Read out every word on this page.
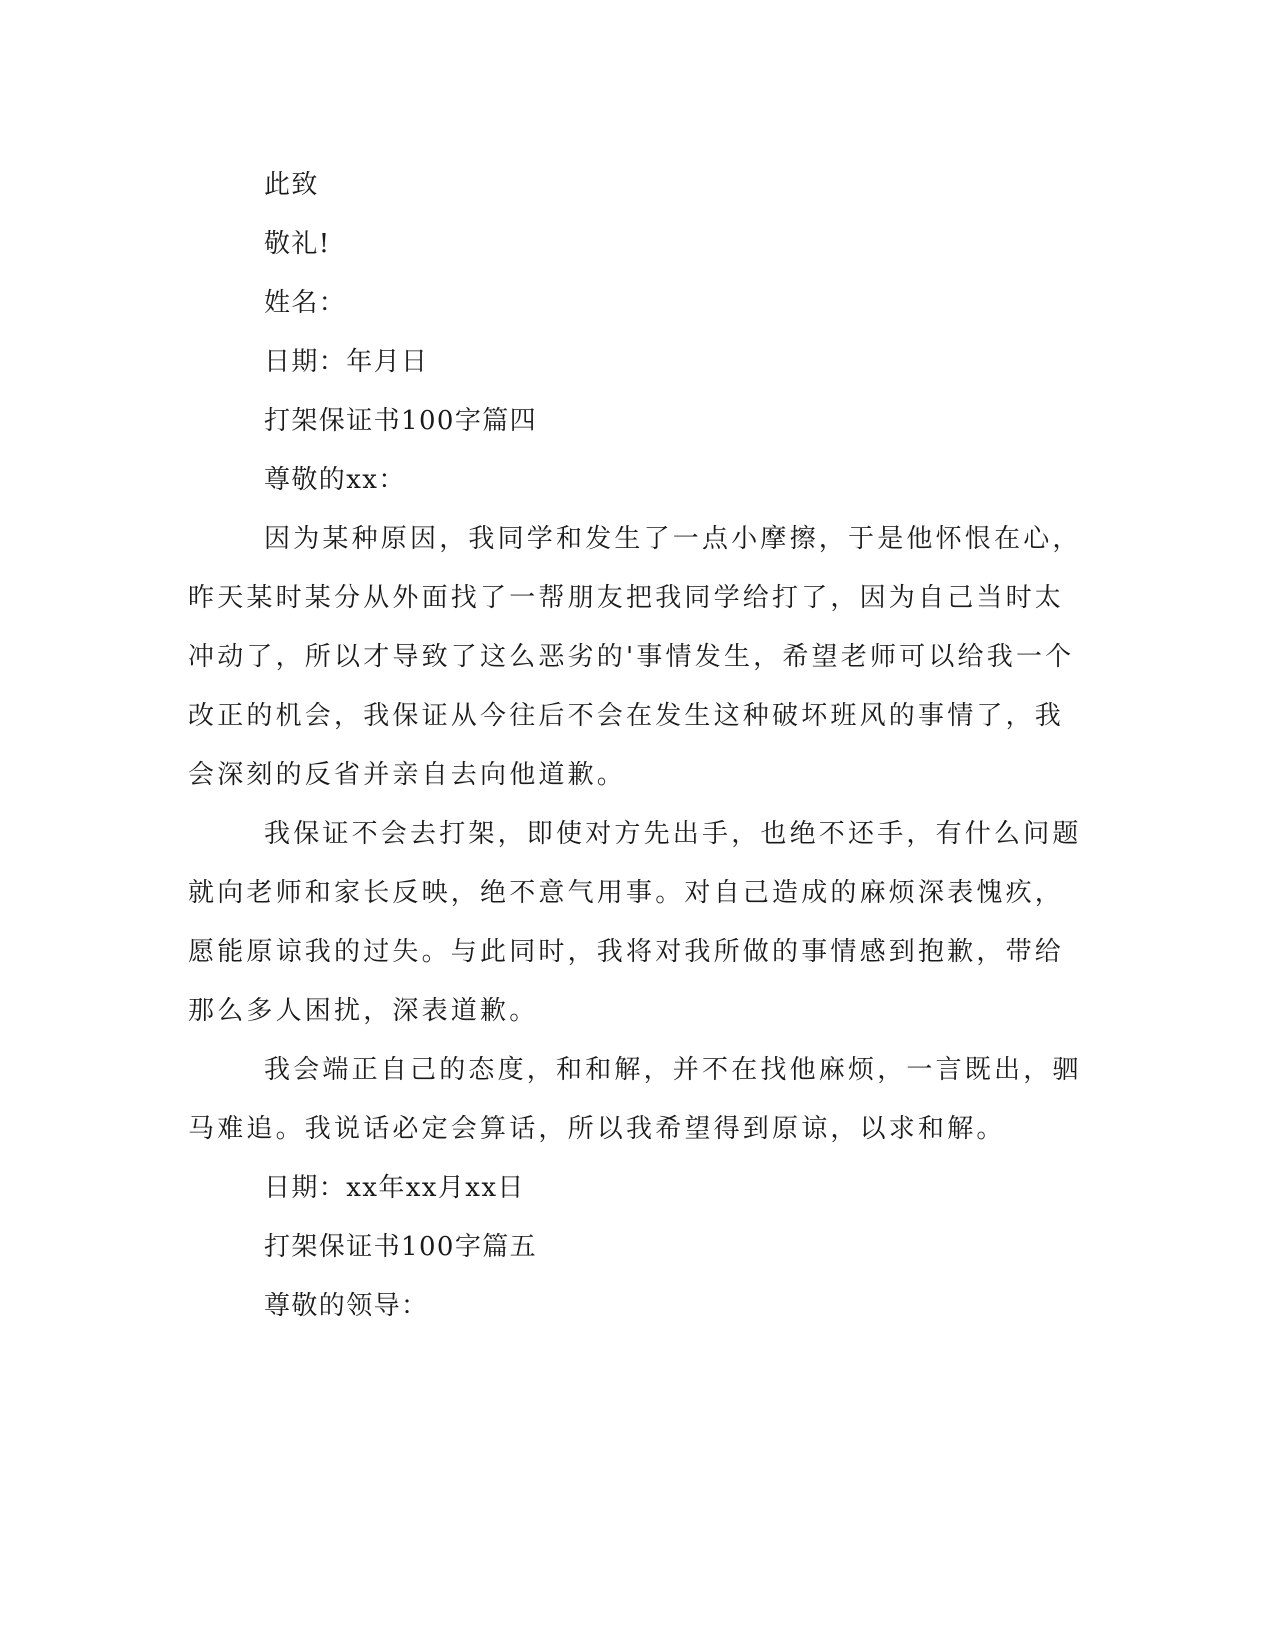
此致
敬礼!
姓名：
日期：年月日
打架保证书100字篇四
尊敬的xx：
因为某种原因，我同学和发生了一点小摩擦，于是他怀恨在心，
昨天某时某分从外面找了一帮朋友把我同学给打了，因为自己当时太
冲动了，所以才导致了这么恶劣的'事情发生，希望老师可以给我一个
改正的机会，我保证从今往后不会在发生这种破坏班风的事情了，我
会深刻的反省并亲自去向他道歉。
我保证不会去打架，即使对方先出手，也绝不还手，有什么问题
就向老师和家长反映，绝不意气用事。对自己造成的麻烦深表愧疚，
愿能原谅我的过失。与此同时，我将对我所做的事情感到抱歉，带给
那么多人困扰，深表道歉。
我会端正自己的态度，和和解，并不在找他麻烦，一言既出，驷
马难追。我说话必定会算话，所以我希望得到原谅，以求和解。
日期：xx年xx月xx日
打架保证书100字篇五
尊敬的领导：
